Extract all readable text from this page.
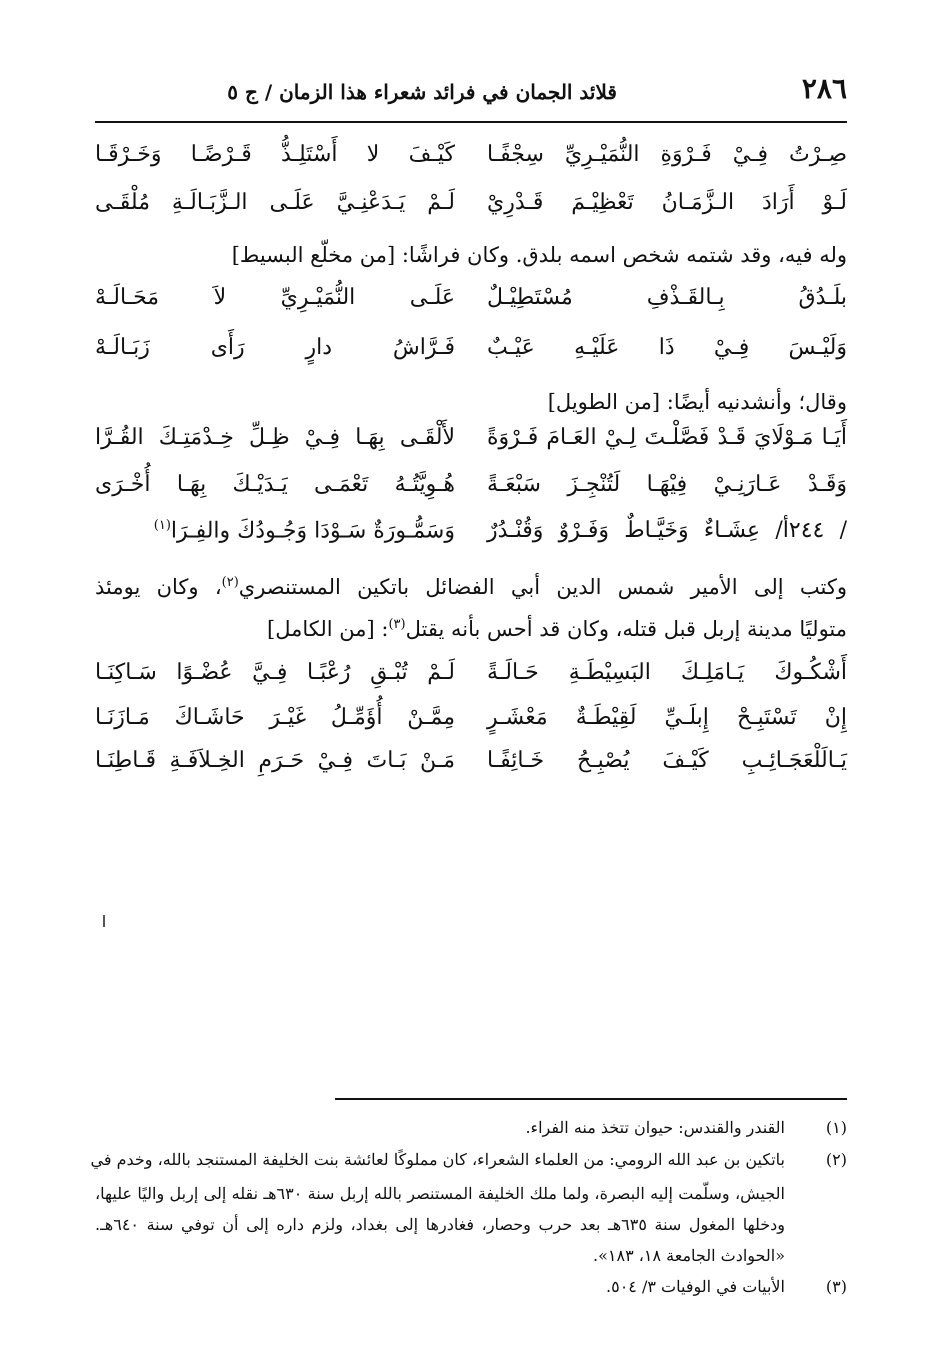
٢٨٦
قلائد الجمان في فرائد شعراء هذا الزمان / ج ٥
صِـرْتُ فِـيْ فَـرْوَةِ النُّمَيْـرِيِّ سِجْفًـا
كَيْـفَ لا أَسْتَلِـذُّ قَـرْضًـا وَخَـرْقَـا
لَـوْ أَرَادَ الـزَّمَـانُ تَعْظِيْـمَ قَـدْرِيْ
لَـمْ يَـدَعْنِـيَّ عَلَـى الـزَّبَـالَـةِ مُلْقَـى
وله فيه، وقد شتمه شخص اسمه بلدق. وكان فراشًا: [من مخلّع البسيط]
بلَـدُقُ بِـالقَـذْفِ مُسْتَطِيْـلٌ
عَلَـى النُّمَيْـرِيِّ لاَ مَحَـالَـهْ
وَلَيْـسَ فِـيْ ذَا عَلَيْـهِ عَيْـبٌ
فَـرَّاشُ دارٍ رَأَى زَبَـالَـهْ
وقال؛ وأنشدنيه أيضًا: [من الطويل]
أَيَـا مَـوْلَايَ قَـدْ فَصَّلْـتَ لِـيْ العَـامَ فَـرْوَةً
لأَلْقَـى بِهَـا فِـيْ ظِـلِّ خِـدْمَتِـكَ القُـرَّا
وَقَـدْ عَـارَنِـيْ فِيْهَـا لَتُنْجِـزَ سَبْعَـةً
هُـوِيَّتُـهُ تَعْمَـى يَـدَيْـكَ بِهَـا أُخْـرَى
/ ٢٤٤أ/ عِشَـاءٌ وَخَيَّـاطٌ وَفَـرْوٌ وَقُنْـدُرٌ
وَسَمُّـورَةٌ سَـوْدَا وَجُـودُكَ والفِـرَا$^{(١)}$
وكتب إلى الأمير شمس الدين أبي الفضائل باتكين المستنصري$^{(٢)}$، وكان يومئذ
متوليًا مدينة إربل قبل قتله، وكان قد أحس بأنه يقتل$^{(٣)}$: [من الكامل]
أَشْكُـوكَ يَـامَلِـكَ البَسِيْطَـةِ حَـالَـةً
لَـمْ تُبْـقِ رُعْبًـا فِـيَّ عُضْـوًا سَـاكِنَـا
إِنْ تَسْتَبِـحْ إِبلَـيِّ لَقِيْطَـةٌ مَعْشَـرٍ
مِمَّـنْ أُؤَمِّـلُ غَيْـرَ حَاشَـاكَ مَـازَنَـا
يَـالَلْعَجَـائِـبِ كَيْـفَ يُصْبِـحُ خَـائِفًـا
مَـنْ بَـاتَ فِـيْ حَـرَمِ الخِـلاَفَـةِ قَـاطِنَـا
(١)
القندر والقندس: حيوان تتخذ منه الفراء.
(٢)
باتكين بن عبد الله الرومي: من العلماء الشعراء، كان مملوكًا لعائشة بنت الخليفة المستنجد بالله، وخدم في
الجيش، وسلّمت إليه البصرة، ولما ملك الخليفة المستنصر بالله إربل سنة ٦٣٠هـ نقله إلى إربل واليًا عليها،
ودخلها المغول سنة ٦٣٥هـ بعد حرب وحصار، فغادرها إلى بغداد، ولزم داره إلى أن توفي سنة ٦٤٠هـ.
«الحوادث الجامعة ١٨، ١٨٣».
(٣)
الأبيات في الوفيات ٣/ ٥٠٤.
